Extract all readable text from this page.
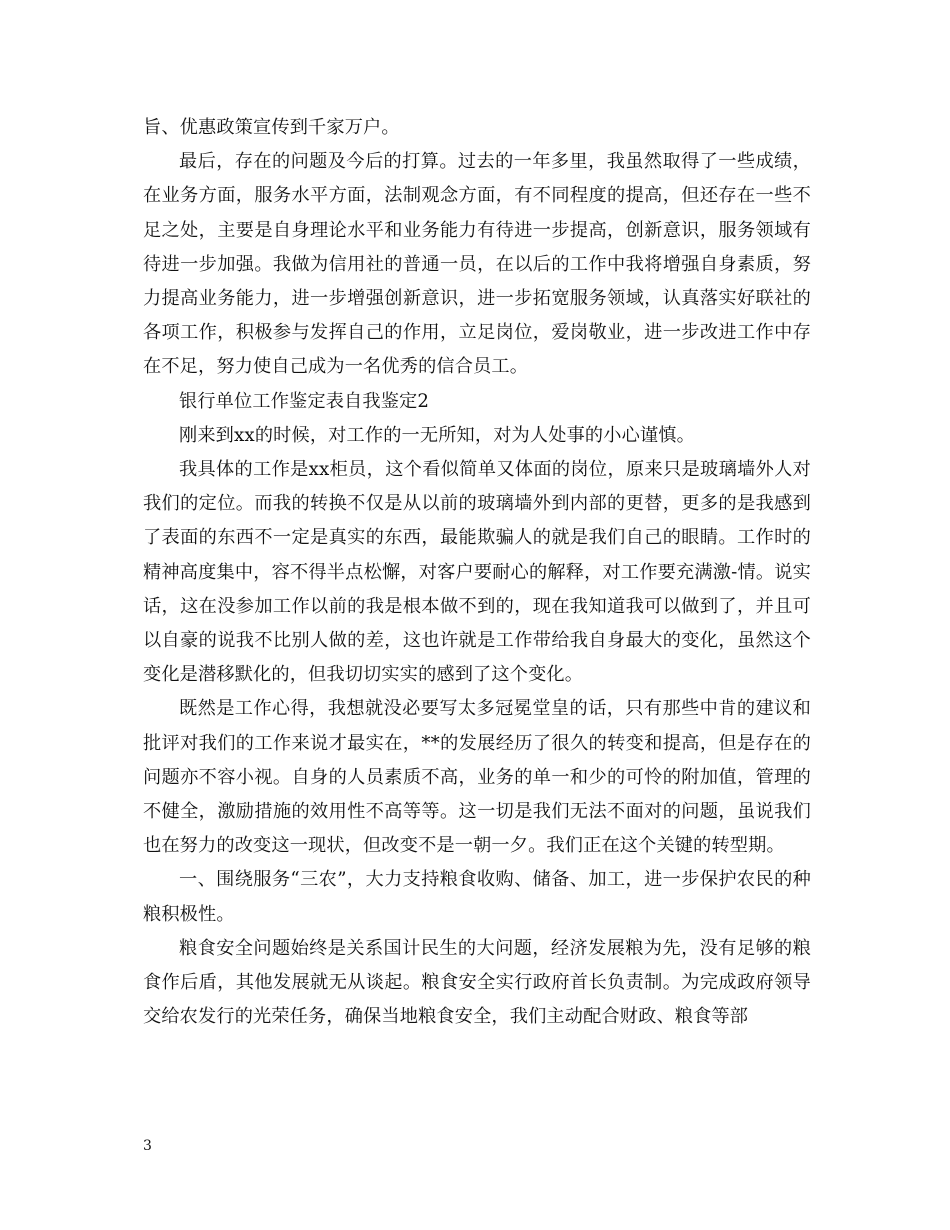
旨、优惠政策宣传到千家万户。

最后，存在的问题及今后的打算。过去的一年多里，我虽然取得了一些成绩，在业务方面，服务水平方面，法制观念方面，有不同程度的提高，但还存在一些不足之处，主要是自身理论水平和业务能力有待进一步提高，创新意识，服务领域有待进一步加强。我做为信用社的普通一员，在以后的工作中我将增强自身素质，努力提高业务能力，进一步增强创新意识，进一步拓宽服务领域，认真落实好联社的各项工作，积极参与发挥自己的作用，立足岗位，爱岗敬业，进一步改进工作中存在不足，努力使自己成为一名优秀的信合员工。

银行单位工作鉴定表自我鉴定2

刚来到xx的时候，对工作的一无所知，对为人处事的小心谨慎。

我具体的工作是xx柜员，这个看似简单又体面的岗位，原来只是玻璃墙外人对我们的定位。而我的转换不仅是从以前的玻璃墙外到内部的更替，更多的是我感到了表面的东西不一定是真实的东西，最能欺骗人的就是我们自己的眼睛。工作时的精神高度集中，容不得半点松懈，对客户要耐心的解释，对工作要充满激-情。说实话，这在没参加工作以前的我是根本做不到的，现在我知道我可以做到了，并且可以自豪的说我不比别人做的差，这也许就是工作带给我自身最大的变化，虽然这个变化是潜移默化的，但我切切实实的感到了这个变化。

既然是工作心得，我想就没必要写太多冠冕堂皇的话，只有那些中肯的建议和批评对我们的工作来说才最实在，**的发展经历了很久的转变和提高，但是存在的问题亦不容小视。自身的人员素质不高，业务的单一和少的可怜的附加值，管理的不健全，激励措施的效用性不高等等。这一切是我们无法不面对的问题，虽说我们也在努力的改变这一现状，但改变不是一朝一夕。我们正在这个关键的转型期。

一、围绕服务“三农”，大力支持粮食收购、储备、加工，进一步保护农民的种粮积极性。

粮食安全问题始终是关系国计民生的大问题，经济发展粮为先，没有足够的粮食作后盾，其他发展就无从谈起。粮食安全实行政府首长负责制。为完成政府领导交给农发行的光荣任务，确保当地粮食安全，我们主动配合财政、粮食等部

3
